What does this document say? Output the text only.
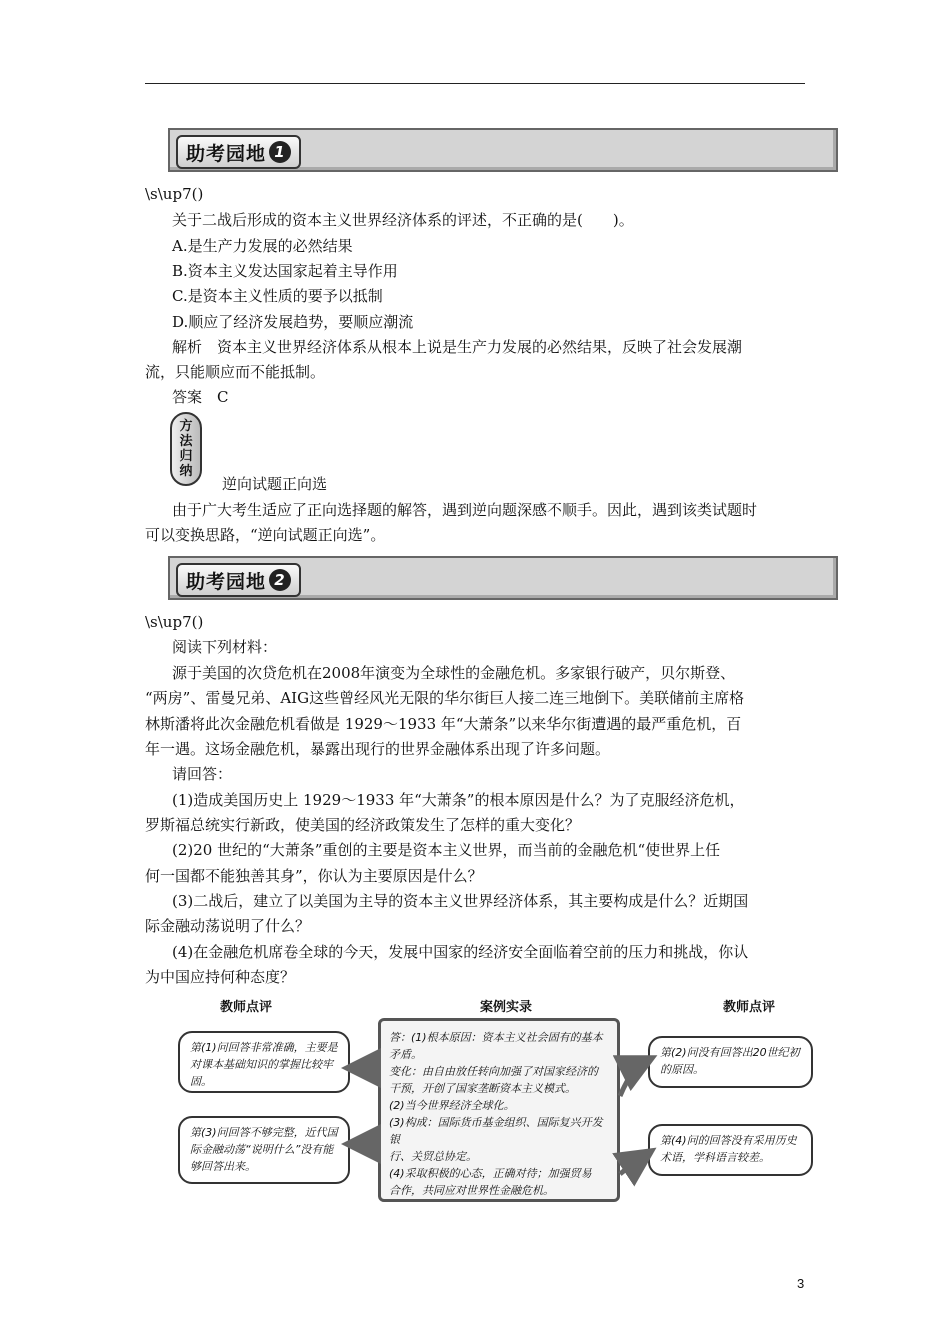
助考园地 1
\s\up7()
关于二战后形成的资本主义世界经济体系的评述，不正确的是(　　)。
A.是生产力发展的必然结果
B.资本主义发达国家起着主导作用
C.是资本主义性质的要予以抵制
D.顺应了经济发展趋势，要顺应潮流
解析　资本主义世界经济体系从根本上说是生产力发展的必然结果，反映了社会发展潮
流，只能顺应而不能抵制。
答案　C
方
法
归
纳
逆向试题正向选
由于广大考生适应了正向选择题的解答，遇到逆向题深感不顺手。因此，遇到该类试题时
可以变换思路，“逆向试题正向选”。
助考园地 2
\s\up7()
阅读下列材料：
源于美国的次贷危机在2008年演变为全球性的金融危机。多家银行破产，贝尔斯登、
“两房”、雷曼兄弟、AIG这些曾经风光无限的华尔街巨人接二连三地倒下。美联储前主席格
林斯潘将此次金融危机看做是 1929～1933 年“大萧条”以来华尔街遭遇的最严重危机，百
年一遇。这场金融危机，暴露出现行的世界金融体系出现了许多问题。
请回答：
(1)造成美国历史上 1929～1933 年“大萧条”的根本原因是什么？为了克服经济危机，
罗斯福总统实行新政，使美国的经济政策发生了怎样的重大变化？
(2)20 世纪的“大萧条”重创的主要是资本主义世界，而当前的金融危机“使世界上任
何一国都不能独善其身”，你认为主要原因是什么？
(3)二战后，建立了以美国为主导的资本主义世界经济体系，其主要构成是什么？近期国
际金融动荡说明了什么？
(4)在金融危机席卷全球的今天，发展中国家的经济安全面临着空前的压力和挑战，你认
为中国应持何种态度？
教师点评	案例实录	教师点评
第(1)问回答非常准确，主要是对课本基础知识的掌握比较牢固。
第(3)问回答不够完整，近代国际金融动荡“说明什么”没有能够回答出来。
答：(1)根本原因：资本主义社会固有的基本矛盾。
变化：由自由放任转向加强了对国家经济的
干预，开创了国家垄断资本主义模式。
(2)当今世界经济全球化。
(3)构成：国际货币基金组织、国际复兴开发银
行、关贸总协定。
(4)采取积极的心态，正确对待；加强贸易
合作，共同应对世界性金融危机。
第(2)问没有回答出20世纪初的原因。
第(4)问的回答没有采用历史术语，学科语言较差。
3
